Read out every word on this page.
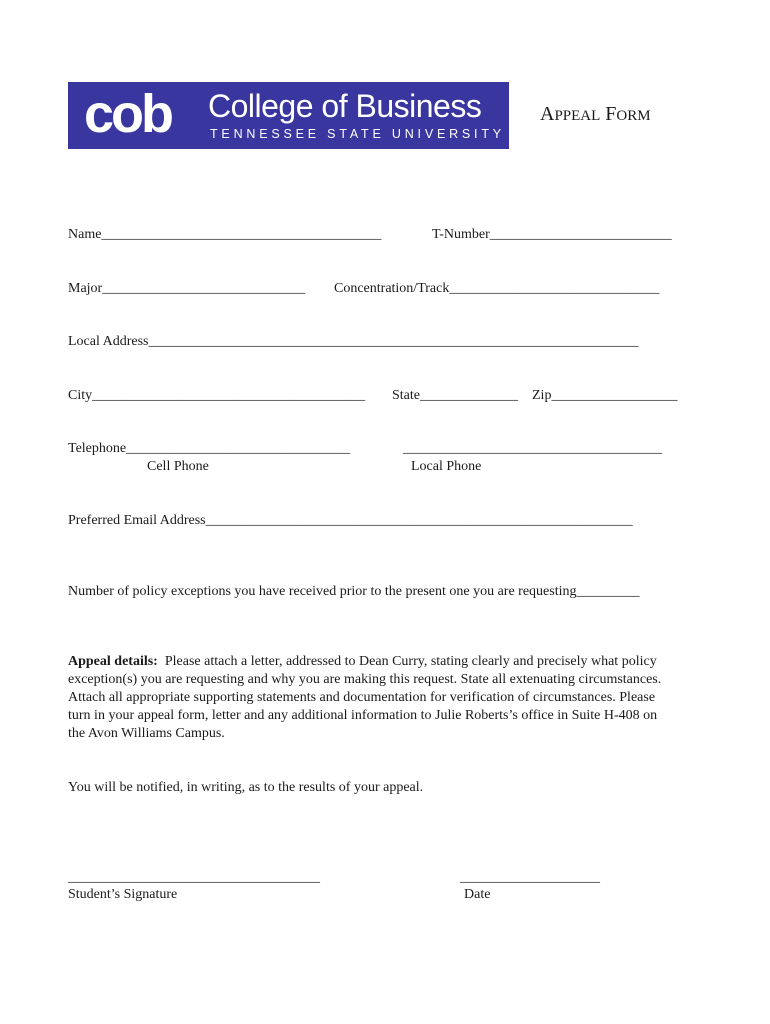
cob College of Business
TENNESSEE STATE UNIVERSITY
APPEAL FORM
Name________________________________________	T-Number__________________________
Major_____________________________ Concentration/Track______________________________
Local Address______________________________________________________________________
City_______________________________________ State______________ Zip__________________
Telephone________________________________	_____________________________________
Cell Phone	Local Phone
Preferred Email Address_____________________________________________________________
Number of policy exceptions you have received prior to the present one you are requesting_________
Appeal details: Please attach a letter, addressed to Dean Curry, stating clearly and precisely what policy exception(s) you are requesting and why you are making this request. State all extenuating circumstances. Attach all appropriate supporting statements and documentation for verification of circumstances. Please turn in your appeal form, letter and any additional information to Julie Roberts’s office in Suite H-408 on the Avon Williams Campus.
You will be notified, in writing, as to the results of your appeal.
____________________________________
Student’s Signature
____________________
Date
